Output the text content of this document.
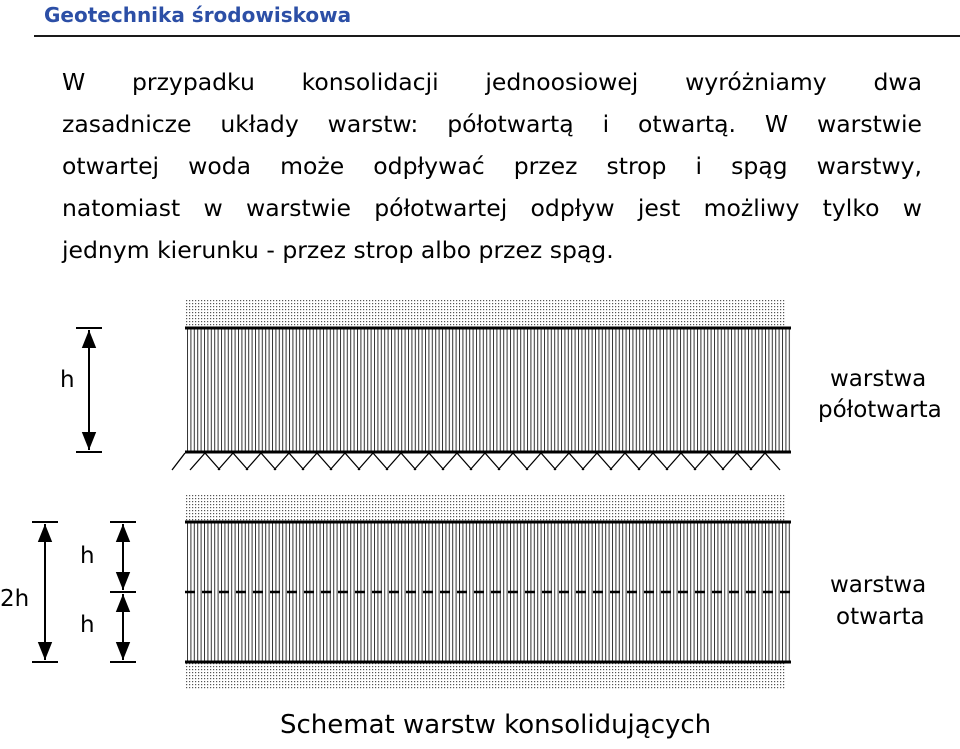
Geotechnika środowiskowa
W przypadku konsolidacji jednoosiowej wyróżniamy dwa
zasadnicze układy warstw: półotwartą i otwartą. W warstwie
otwartej woda może odpływać przez strop i spąg warstwy,
natomiast w warstwie półotwartej odpływ jest możliwy tylko w
jednym kierunku - przez strop albo przez spąg.
h	warstwa
półotwarta
2h
h
h
warstwa
otwarta
Schemat warstw konsolidujących
